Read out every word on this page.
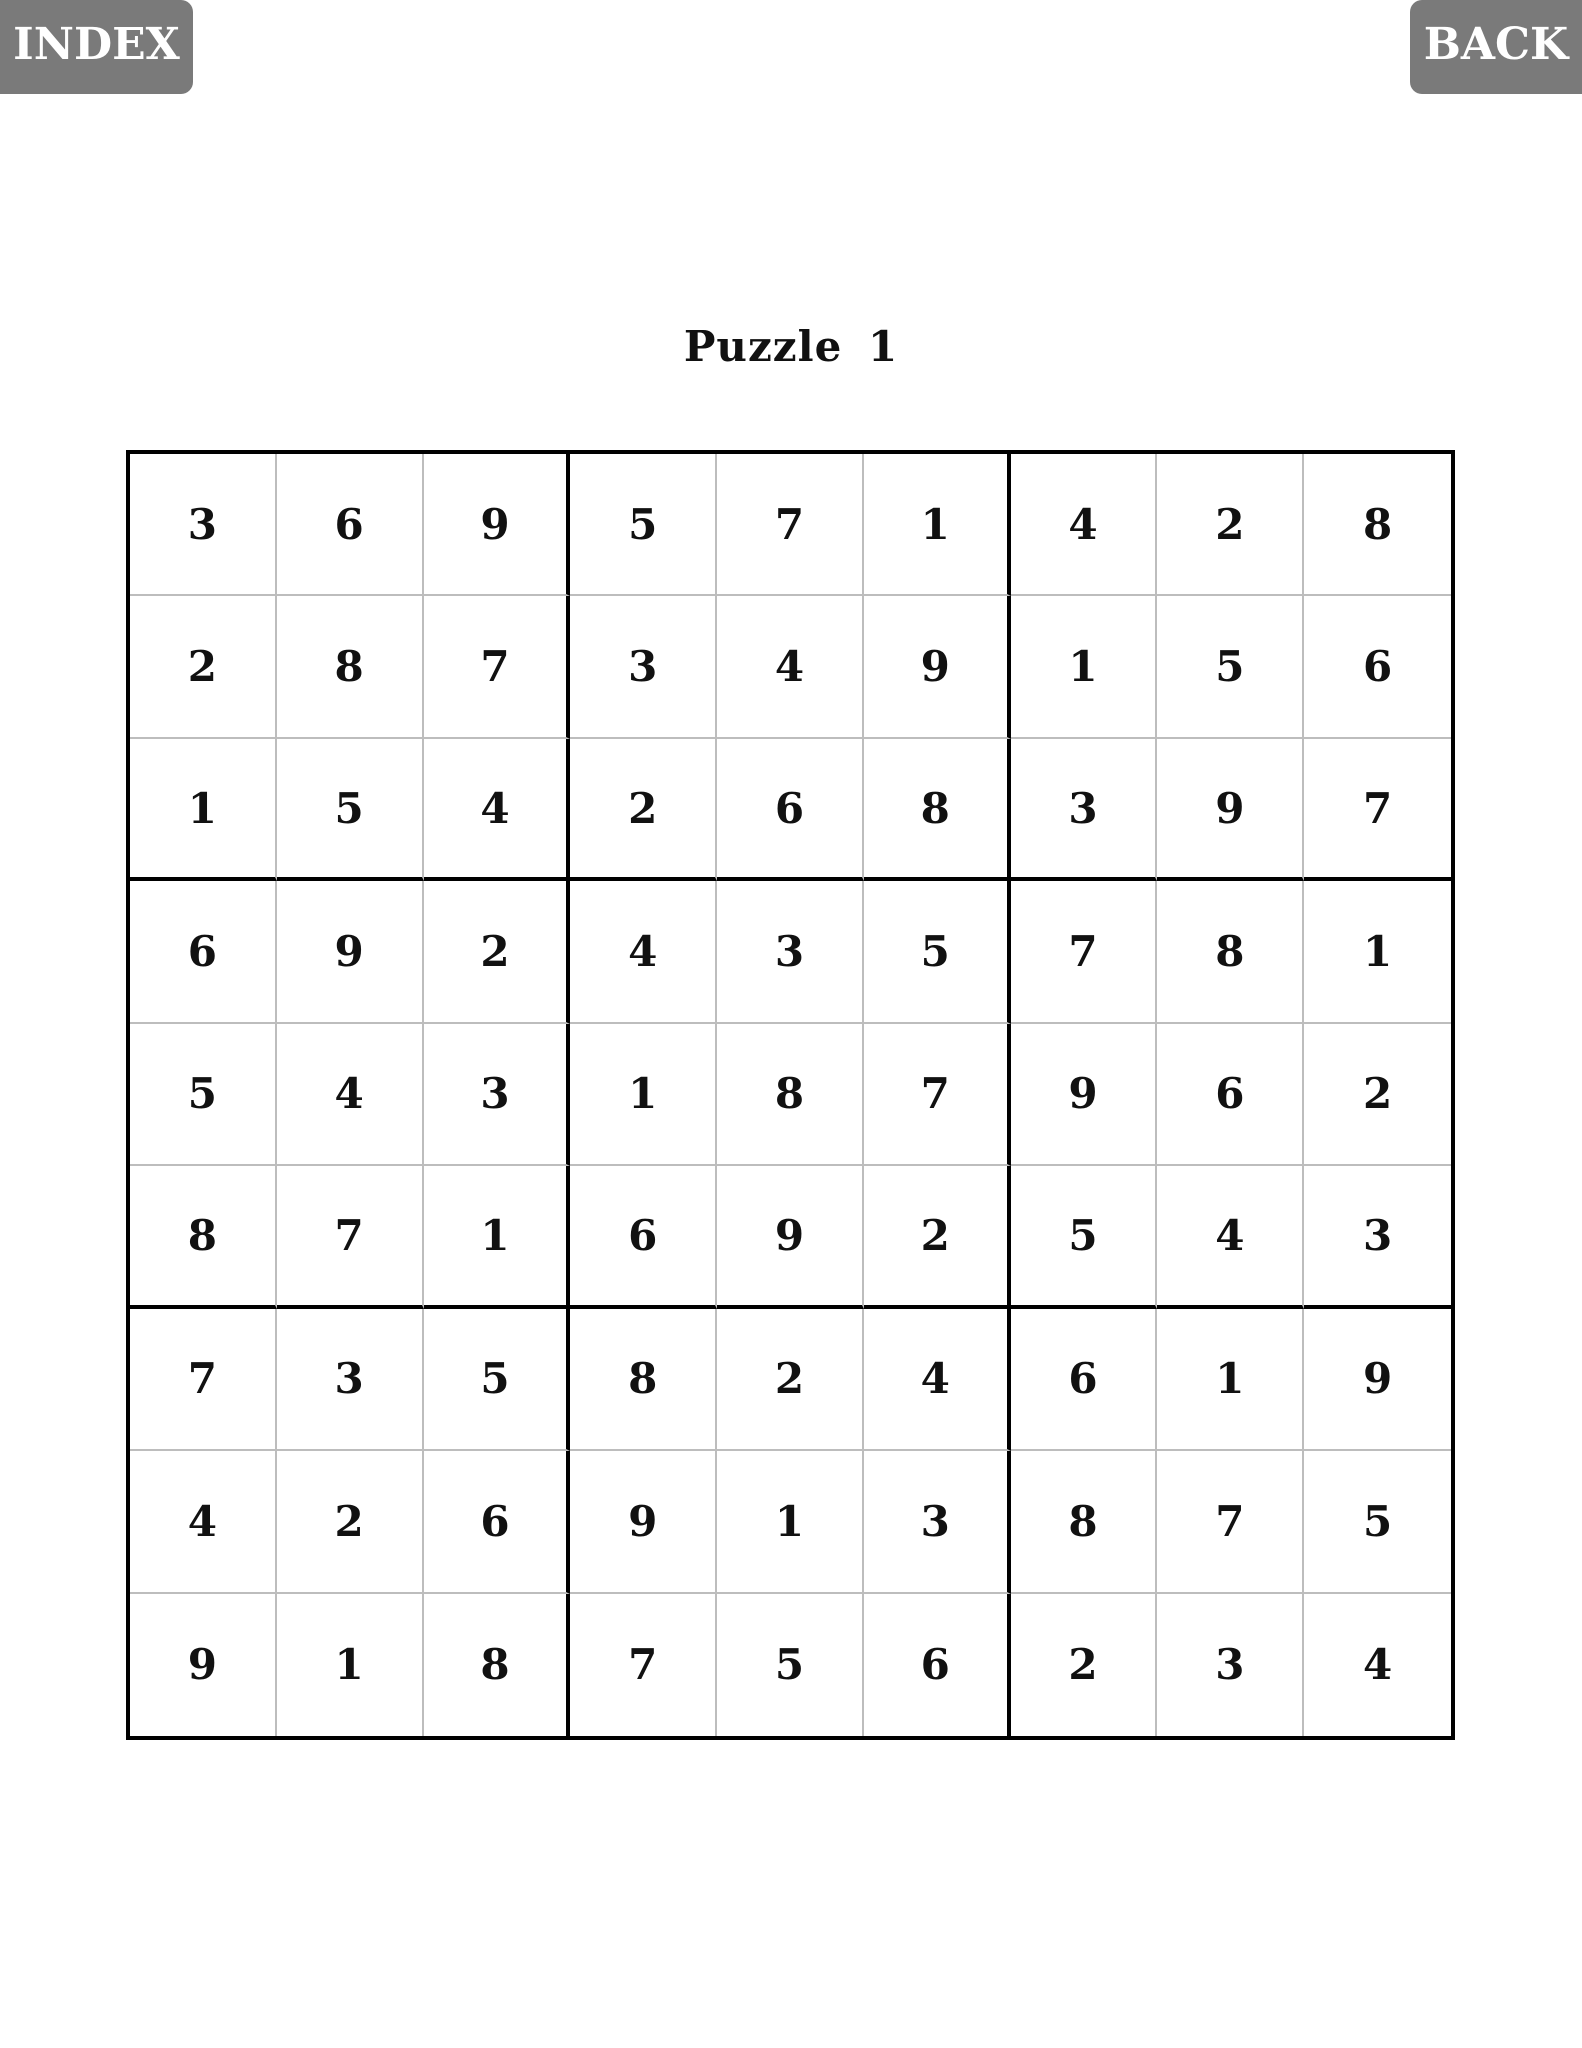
INDEX	BACK
Puzzle 1
3	6	9	5	7	1	4	2	8
2	8	7	3	4	9	1	5	6
1	5	4	2	6	8	3	9	7
6	9	2	4	3	5	7	8	1
5	4	3	1	8	7	9	6	2
8	7	1	6	9	2	5	4	3
7	3	5	8	2	4	6	1	9
4	2	6	9	1	3	8	7	5
9	1	8	7	5	6	2	3	4
